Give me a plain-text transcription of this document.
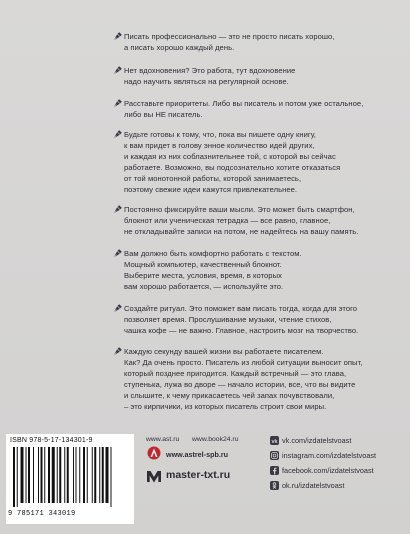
Писать профессионально — это не просто писать хорошо,
а писать хорошо каждый день.
Нет вдохновения? Это работа, тут вдохновение
надо научить являться на регулярной основе.
Расставьте приоритеты. Либо вы писатель и потом уже остальное,
либо вы НЕ писатель.
Будьте готовы к тому, что, пока вы пишете одну книгу,
к вам придет в голову энное количество идей других,
и каждая из них соблазнительнее той, с которой вы сейчас
работаете. Возможно, вы подсознательно хотите отказаться
от той монотонной работы, которой занимаетесь,
поэтому свежие идеи кажутся привлекательнее.
Постоянно фиксируйте ваши мысли. Это может быть смартфон,
блокнот или ученическая тетрадка — все равно, главное,
не откладывайте записи на потом, не надейтесь на вашу память.
Вам должно быть комфортно работать с текстом.
Мощный компьютер, качественный блокнот.
Выберите места, условия, время, в которых
вам хорошо работается, — используйте это.
Создайте ритуал. Это поможет вам писать тогда, когда для этого
позволяет время. Прослушивание музыки, чтение стихов,
чашка кофе — не важно. Главное, настроить мозг на творчество.
Каждую секунду вашей жизни вы работаете писателем.
Как? Да очень просто. Писатель из любой ситуации выносит опыт,
который позднее пригодится. Каждый встречный — это глава,
ступенька, лужа во дворе — начало истории, все, что вы видите
и слышите, к чему прикасаетесь чей запах почувствовали,
– это кирпичики, из которых писатель строит свои миры.
ISBN 978-5-17-134301-9
9 785171 343019
www.ast.ru www.book24.ru
www.astrel-spb.ru
master-txt.ru
vk vk.com/izdatelstvoast
instagram.com/izdatelstvoast
facebook.com/izdatelstvoast
ok.ru/izdatelstvoast
